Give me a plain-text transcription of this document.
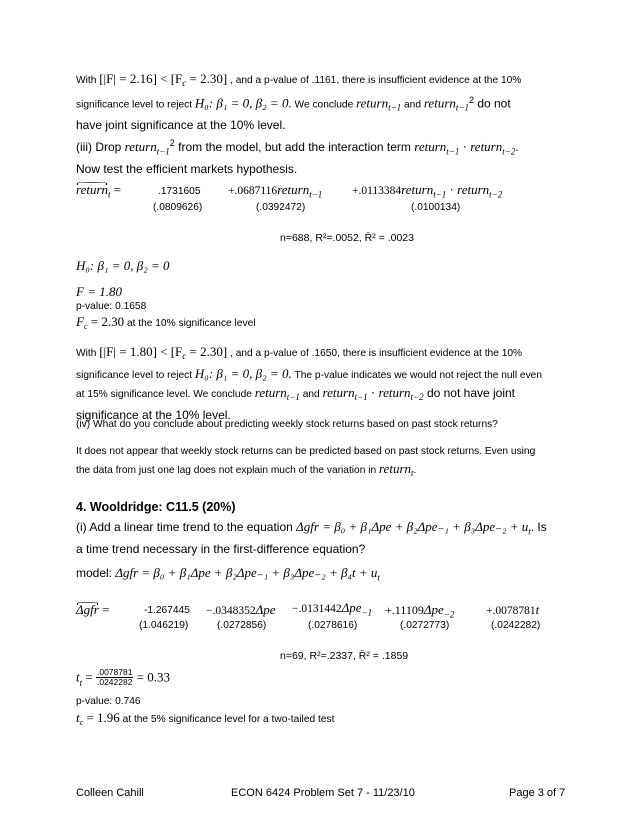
With $[|F| = 2.16] < [F_c = 2.30]$ , and a p-value of .1161, there is insufficient evidence at the 10%
significance level to reject H₀: β₁ = 0, β₂ = 0. We conclude return$_{t-1}$ and return$_{t-1}^2$ do not
have joint significance at the 10% level.
(iii) Drop return$_{t-1}^2$ from the model, but add the interaction term return$_{t-1}$ · return$_{t-2}$.
Now test the efficient markets hypothesis.
return$_t$ =	.1731605 +.0687116return$_{t-1}$	+.0113384return$_{t-1}$ · return$_{t-2}$
(.0809626)	(.0392472)	(.0100134)
n=688, R²=.0052, R̄² = .0023
H₀: β₁ = 0, β₂ = 0
F = 1.80
p-value: 0.1658
$F_c = 2.30$ at the 10% significance level
With $[|F| = 1.80] < [F_c = 2.30]$ , and a p-value of .1650, there is insufficient evidence at the 10%
significance level to reject H₀: β₁ = 0, β₂ = 0. The p-value indicates we would not reject the null even
at 15% significance level. We conclude return$_{t-1}$ and return$_{t-1}$ · return$_{t-2}$ do not have joint
significance at the 10% level.
(iv) What do you conclude about predicting weekly stock returns based on past stock returns?
It does not appear that weekly stock returns can be predicted based on past stock returns. Even using
the data from just one lag does not explain much of the variation in return$_t$.
4. Wooldridge: C11.5 (20%)
(i) Add a linear time trend to the equation $\Delta gfr = \beta_0 + \beta_1\Delta pe + \beta_2\Delta pe_{-1} + \beta_3\Delta pe_{-2} + u_t$. Is
a time trend necessary in the first-difference equation?
model: $\Delta gfr = \beta_0 + \beta_1\Delta pe + \beta_2\Delta pe_{-1} + \beta_3\Delta pe_{-2} + \beta_4t + u_t$
Δgfr =	-1.267445 −.0348352Δpe −.0131442Δpe$_{-1}$ +.11109Δpe$_{-2}$	+.0078781t
(1.046219)	(.0272856)	(.0278616)	(.0272773)	(.0242282)
n=69, R²=.2337, R̄² = .1859
$t_t = \frac{.0078781}{.0242282} = 0.33$
p-value: 0.746
$t_c = 1.96$ at the 5% significance level for a two-tailed test
Colleen Cahill	ECON 6424 Problem Set 7 - 11/23/10	Page 3 of 7
